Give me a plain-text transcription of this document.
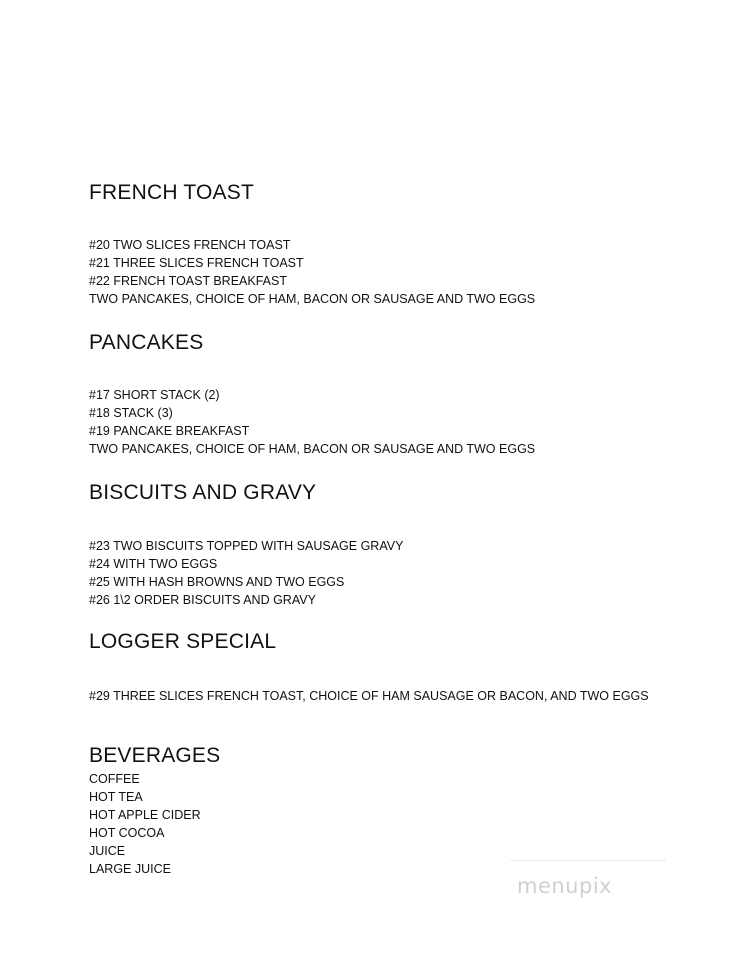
FRENCH TOAST
#20 TWO SLICES FRENCH TOAST
#21 THREE SLICES FRENCH TOAST
#22 FRENCH TOAST BREAKFAST
TWO PANCAKES, CHOICE OF HAM, BACON OR SAUSAGE AND TWO EGGS
PANCAKES
#17 SHORT STACK (2)
#18 STACK (3)
#19 PANCAKE BREAKFAST
TWO PANCAKES, CHOICE OF HAM, BACON OR SAUSAGE AND TWO EGGS
BISCUITS AND GRAVY
#23 TWO BISCUITS TOPPED WITH SAUSAGE GRAVY
#24 WITH TWO EGGS
#25 WITH HASH BROWNS AND TWO EGGS
#26 1\2 ORDER BISCUITS AND GRAVY
LOGGER SPECIAL
#29 THREE SLICES FRENCH TOAST, CHOICE OF HAM SAUSAGE OR BACON, AND TWO EGGS
BEVERAGES
COFFEE
HOT TEA
HOT APPLE CIDER
HOT COCOA
JUICE
LARGE JUICE
menupix
